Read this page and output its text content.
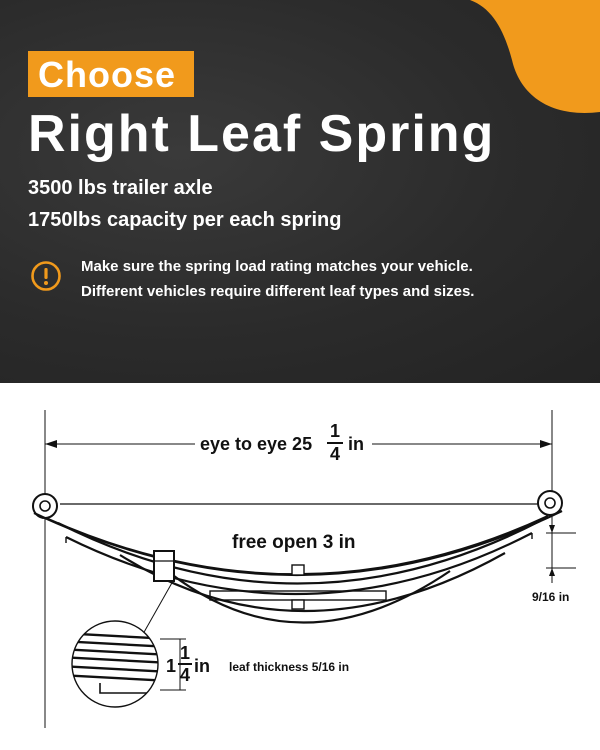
Choose
Right Leaf Spring
3500 lbs trailer axle
1750lbs capacity per each spring
Make sure the spring load rating matches your vehicle.
Different vehicles require different leaf types and sizes.
eye to eye 25
1
4 in
free open 3 in
9/16 in
1
1
4 in leaf thickness 5/16 in
